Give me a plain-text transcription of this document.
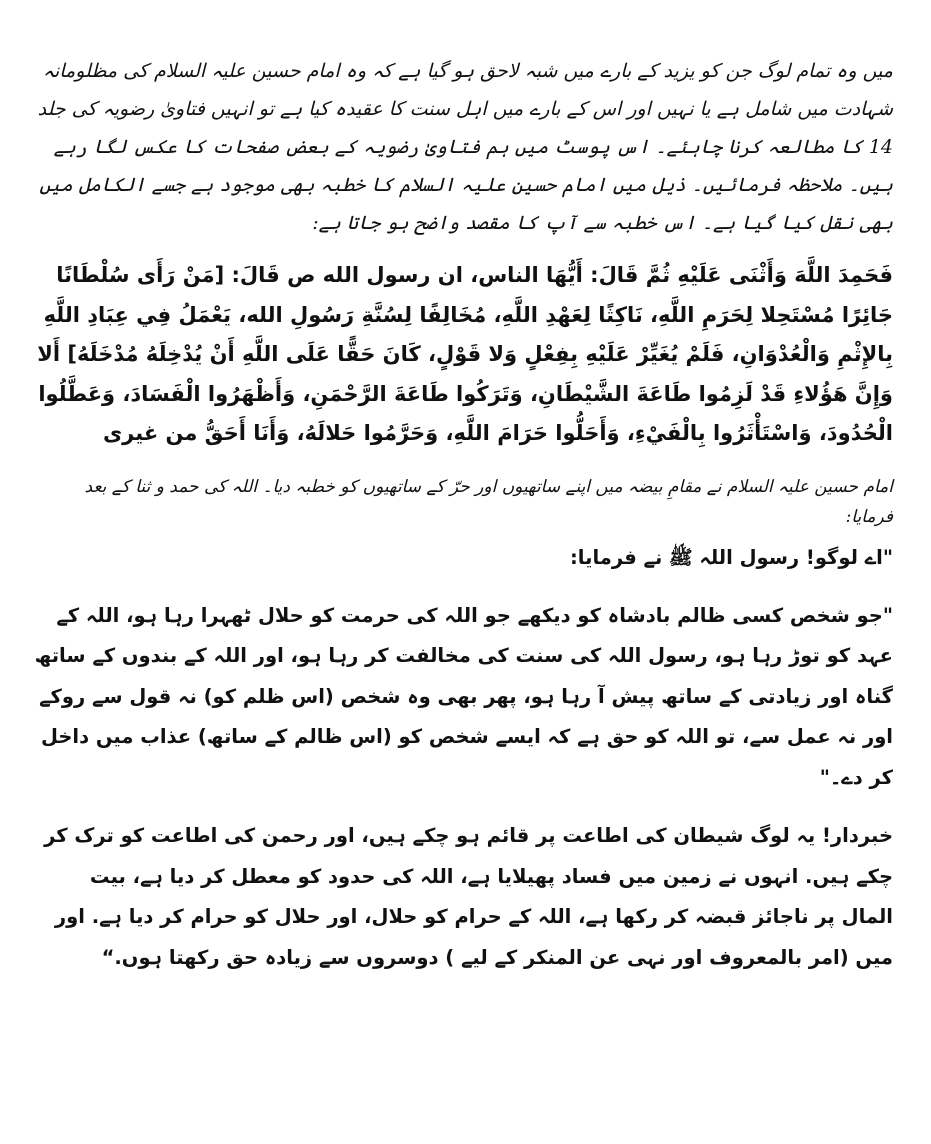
میں وہ تمام لوگ جن کو یزید کے بارے میں شبہ لاحق ہو گیا ہے کہ وہ امام حسین علیہ السلام کی مظلومانہ شہادت میں شامل ہے یا نہیں اور اس کے بارے میں اہل سنت کا عقیدہ کیا ہے تو انہیں فتاویٰ رضویہ کی جلد 14 کا مطالعہ کرنا چاہئے۔ اس پوسٹ میں ہم فتاویٰ رضویہ کے بعض صفحات کا عکس لگا رہے ہیں۔ ملاحظہ فرمائیں۔ ذیل میں امام حسین علیہ السلام کا خطبہ بھی موجود ہے جسے الکامل میں بھی نقل کیا گیا ہے۔ اس خطبہ سے آپ کا مقصد واضح ہو جاتا ہے:

فَحَمِدَ اللَّهَ وَأَثْنَى عَلَيْهِ ثُمَّ قَالَ: أَيُّهَا الناس، ان رسول الله ص قَالَ: [مَنْ رَأَى سُلْطَانًا جَائِرًا مُسْتَحِلا لِحَرَمِ اللَّهِ، نَاكِثًا لِعَهْدِ اللَّهِ، مُخَالِفًا لِسُنَّةِ رَسُولِ الله، يَعْمَلُ فِي عِبَادِ اللَّهِ بِالإِثْمِ وَالْعُدْوَانِ، فَلَمْ يُغَيِّرْ عَلَيْهِ بِفِعْلٍ وَلا قَوْلٍ، كَانَ حَقًّا عَلَى اللَّهِ أَنْ يُدْخِلَهُ مُدْخَلَهُ] أَلا وَإِنَّ هَؤُلاءِ قَدْ لَزِمُوا طَاعَةَ الشَّيْطَانِ، وَتَرَكُوا طَاعَةَ الرَّحْمَنِ، وَأَظْهَرُوا الْفَسَادَ، وَعَطَّلُوا الْحُدُودَ، وَاسْتَأْثَرُوا بِالْفَيْءِ، وَأَحَلُّوا حَرَامَ اللَّهِ، وَحَرَّمُوا حَلالَهُ، وَأَنَا أَحَقُّ من غيرى

امام حسین علیہ السلام نے مقامِ بیضہ میں اپنے ساتھیوں اور حرّ کے ساتھیوں کو خطبہ دیا۔ اللہ کی حمد و ثنا کے بعد فرمایا:

"اے لوگو! رسول اللہ ﷺ نے فرمایا:

"جو شخص کسی ظالم بادشاہ کو دیکھے جو اللہ کی حرمت کو حلال ٹھہرا رہا ہو، اللہ کے عہد کو توڑ رہا ہو، رسول اللہ کی سنت کی مخالفت کر رہا ہو، اور اللہ کے بندوں کے ساتھ گناہ اور زیادتی کے ساتھ پیش آ رہا ہو، پھر بھی وہ شخص (اس ظلم کو) نہ قول سے روکے اور نہ عمل سے، تو اللہ کو حق ہے کہ ایسے شخص کو (اس ظالم کے ساتھ) عذاب میں داخل کر دے۔"

خبردار! یہ لوگ شیطان کی اطاعت پر قائم ہو چکے ہیں، اور رحمن کی اطاعت کو ترک کر چکے ہیں. انہوں نے زمین میں فساد پھیلایا ہے، اللہ کی حدود کو معطل کر دیا ہے، بیت المال پر ناجائز قبضہ کر رکھا ہے، اللہ کے حرام کو حلال، اور حلال کو حرام کر دیا ہے. اور میں (امر بالمعروف اور نہی عن المنکر کے لیے ) دوسروں سے زیادہ حق رکھتا ہوں.“
